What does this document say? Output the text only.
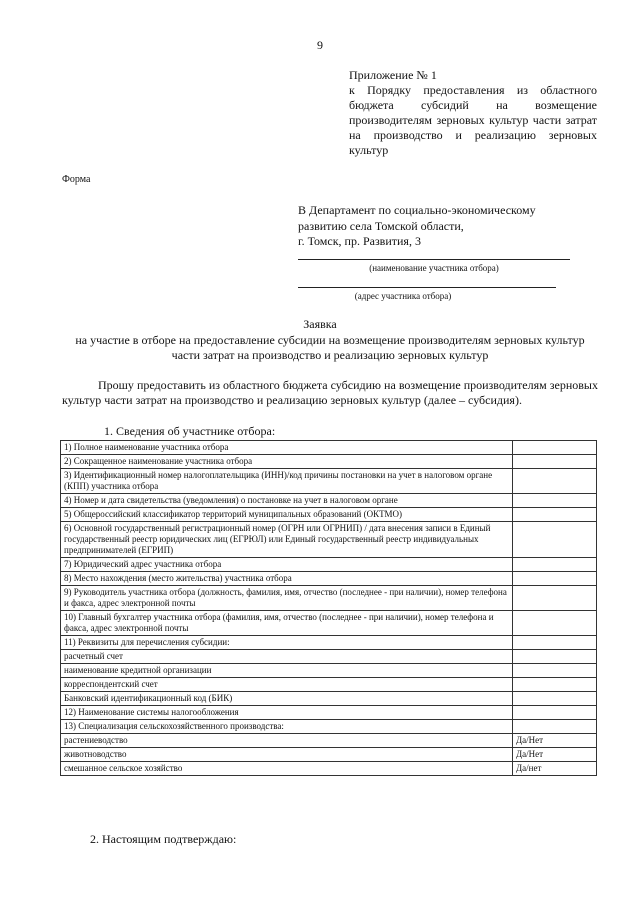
9
Приложение № 1
к Порядку предоставления из областного бюджета субсидий на возмещение производителям зерновых культур части затрат на производство и реализацию зерновых культур
Форма
В Департамент по социально-экономическому
развитию села Томской области,
г. Томск, пр. Развития, 3
(наименование участника отбора)
(адрес участника отбора)
Заявка
на участие в отборе на предоставление субсидии на возмещение производителям зерновых культур части затрат на производство и реализацию зерновых культур
Прошу предоставить из областного бюджета субсидию на возмещение производителям зерновых культур части затрат на производство и реализацию зерновых культур (далее – субсидия).
1. Сведения об участнике отбора:
1) Полное наименование участника отбора	
2) Сокращенное наименование участника отбора	
3) Идентификационный номер налогоплательщика (ИНН)/код причины постановки на учет в налоговом органе (КПП) участника отбора	
4) Номер и дата свидетельства (уведомления) о постановке на учет в налоговом органе	
5) Общероссийский классификатор территорий муниципальных образований (ОКТМО)	
6) Основной государственный регистрационный номер (ОГРН или ОГРНИП) / дата внесения записи в Единый государственный реестр юридических лиц (ЕГРЮЛ) или Единый государственный реестр индивидуальных предпринимателей (ЕГРИП)	
7) Юридический адрес участника отбора	
8) Место нахождения (место жительства) участника отбора	
9) Руководитель участника отбора (должность, фамилия, имя, отчество (последнее - при наличии), номер телефона и факса, адрес электронной почты	
10) Главный бухгалтер участника отбора (фамилия, имя, отчество (последнее - при наличии), номер телефона и факса, адрес электронной почты	
11) Реквизиты для перечисления субсидии:	
расчетный счет	
наименование кредитной организации	
корреспондентский счет	
Банковский идентификационный код (БИК)	
12) Наименование системы налогообложения	
13) Специализация сельскохозяйственного производства:	
растениеводство	Да/Нет
животноводство	Да/Нет
смешанное сельское хозяйство	Да/нет
2. Настоящим подтверждаю:
